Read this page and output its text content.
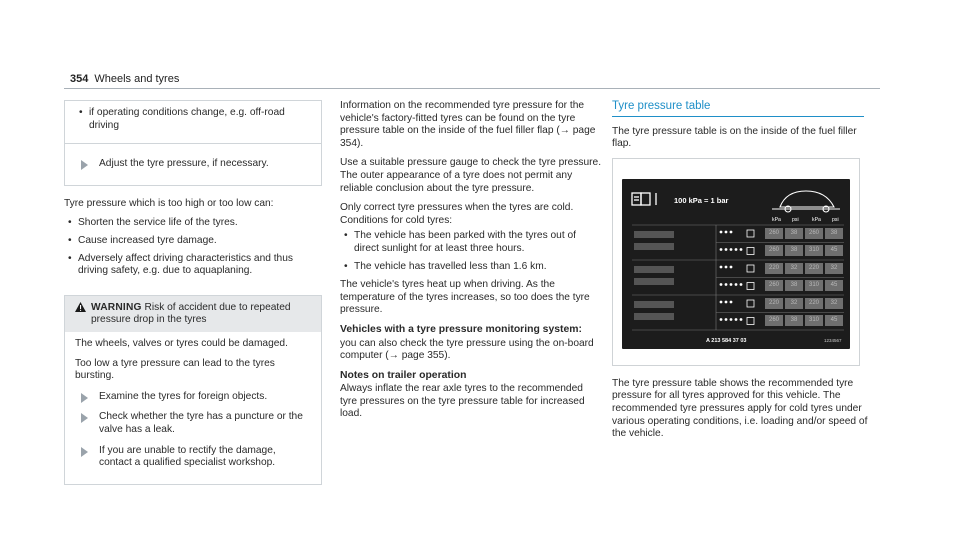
354 Wheels and tyres
• if operating conditions change, e.g. off-road driving
Adjust the tyre pressure, if necessary.

Tyre pressure which is too high or too low can:

• Shorten the service life of the tyres.
• Cause increased tyre damage.
• Adversely affect driving characteristics and thus driving safety, e.g. due to aquaplaning.
WARNING Risk of accident due to repeated pressure drop in the tyres

The wheels, valves or tyres could be damaged.

Too low a tyre pressure can lead to the tyres bursting.

Examine the tyres for foreign objects.
Check whether the tyre has a puncture or the valve has a leak.
If you are unable to rectify the damage, contact a qualified specialist workshop.

Information on the recommended tyre pressure for the vehicle's factory-fitted tyres can be found on the tyre pressure table on the inside of the fuel filler flap (→ page 354).

Use a suitable pressure gauge to check the tyre pressure. The outer appearance of a tyre does not permit any reliable conclusion about the tyre pressure.

Only correct tyre pressures when the tyres are cold. Conditions for cold tyres:

• The vehicle has been parked with the tyres out of direct sunlight for at least three hours.
• The vehicle has travelled less than 1.6 km.

The vehicle's tyres heat up when driving. As the temperature of the tyres increases, so too does the tyre pressure.

Vehicles with a tyre pressure monitoring system:

you can also check the tyre pressure using the on-board computer (→ page 355).

Notes on trailer operation

Always inflate the rear axle tyres to the recommended tyre pressures on the tyre pressure table for increased load.

Tyre pressure table

The tyre pressure table is on the inside of the fuel filler flap.

100 kPa = 1 bar
kPa psi	kPa psi
260	38	260	38
260	38	310	45
220	32	220	32
260	38	310	45
220	32	220	32
260	38	310	45
A 213 584 37 03	1234567

The tyre pressure table shows the recommended tyre pressure for all tyres approved for this vehicle. The recommended tyre pressures apply for cold tyres under various operating conditions, i.e. loading and/or speed of the vehicle.
